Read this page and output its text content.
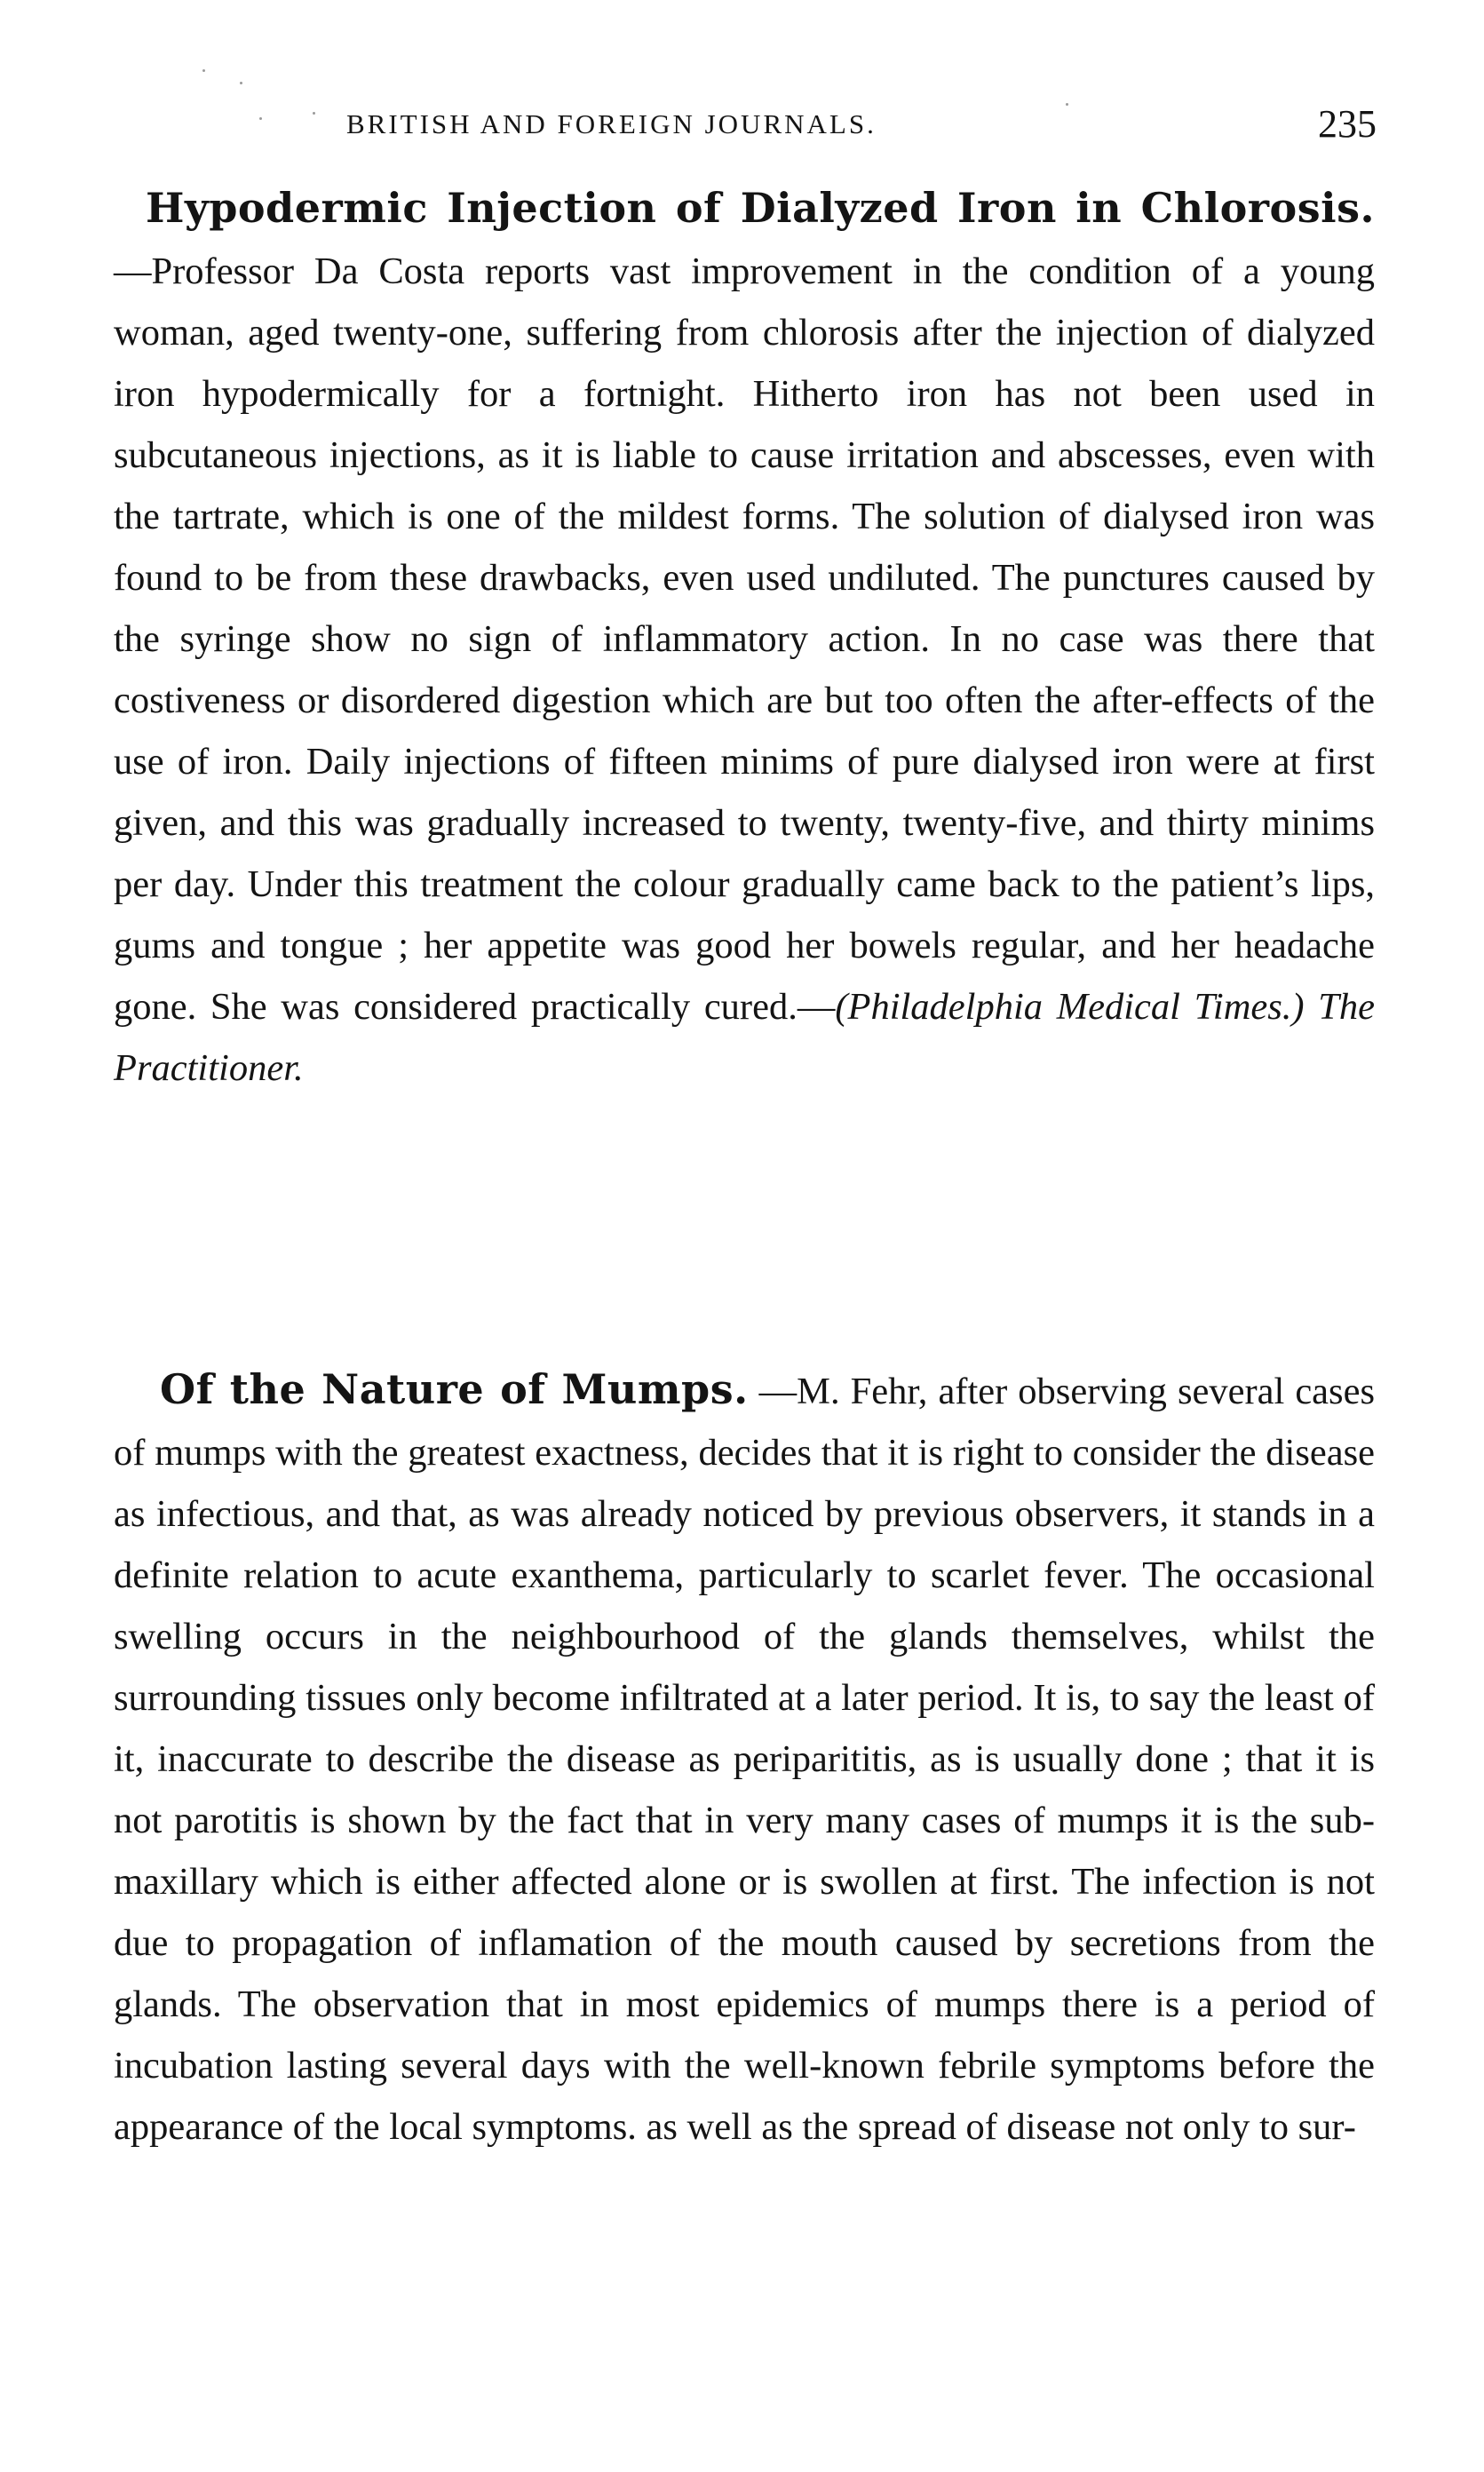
BRITISH AND FOREIGN JOURNALS.	235
Hypodermic Injection of Dialyzed Iron in Chlorosis.—Professor Da Costa reports vast improvement in the condition of a young woman, aged twenty-one, suffering from chlorosis after the injection of dialyzed iron hypodermically for a fortnight. Hitherto iron has not been used in subcutaneous injections, as it is liable to cause irritation and abscesses, even with the tartrate, which is one of the mildest forms. The solution of dialysed iron was found to be from these drawbacks, even used undiluted. The punctures caused by the syringe show no sign of inflammatory action. In no case was there that costiveness or disordered digestion which are but too often the after-effects of the use of iron. Daily injections of fifteen minims of pure dialysed iron were at first given, and this was gradually increased to twenty, twenty-five, and thirty minims per day. Under this treatment the colour gradually came back to the patient’s lips, gums and tongue ; her appetite was good her bowels regular, and her headache gone. She was considered practically cured.—(Philadelphia Medical Times.) The Practitioner.
Of the Nature of Mumps. —M. Fehr, after observing several cases of mumps with the greatest exactness, decides that it is right to consider the disease as infectious, and that, as was already noticed by previous observers, it stands in a definite relation to acute exanthema, particularly to scarlet fever. The occasional swelling occurs in the neighbourhood of the glands themselves, whilst the surrounding tissues only become infiltrated at a later period. It is, to say the least of it, inaccurate to describe the disease as periparititis, as is usually done ; that it is not parotitis is shown by the fact that in very many cases of mumps it is the sub-maxillary which is either affected alone or is swollen at first. The infection is not due to propagation of inflamation of the mouth caused by secretions from the glands. The observation that in most epidemics of mumps there is a period of incubation lasting several days with the well-known febrile symptoms before the appearance of the local symptoms. as well as the spread of disease not only to sur-
